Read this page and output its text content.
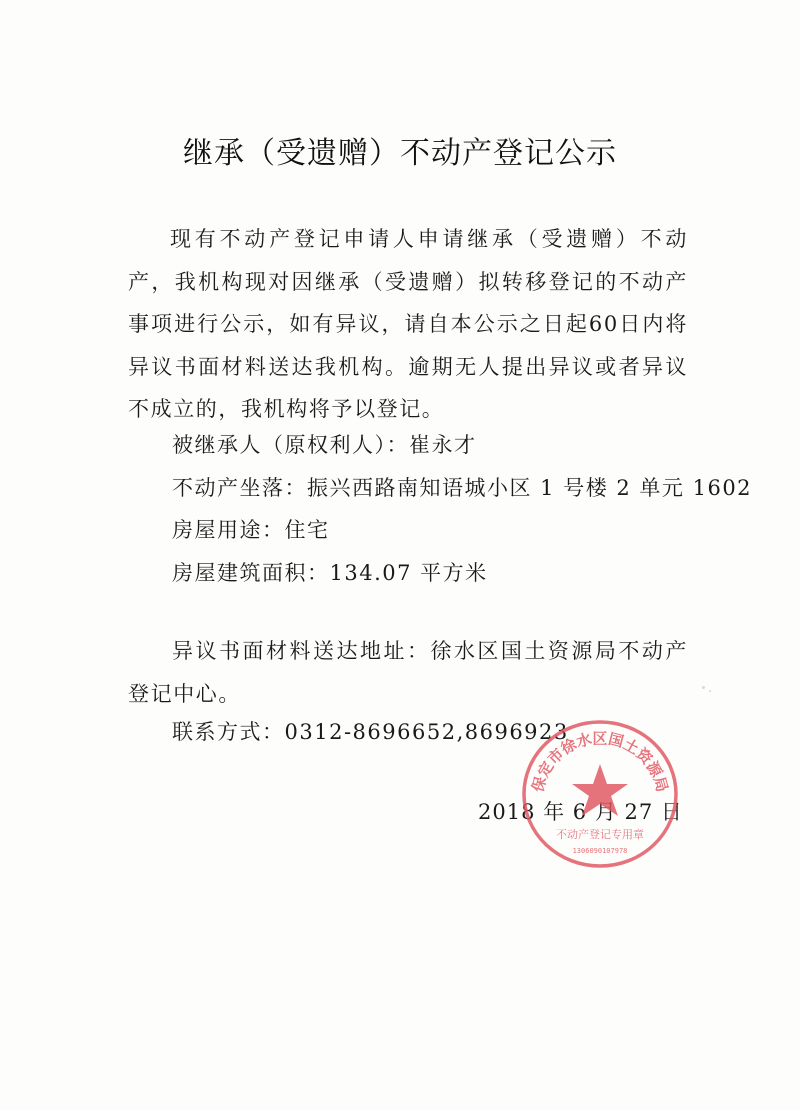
继承（受遗赠）不动产登记公示
现有不动产登记申请人申请继承（受遗赠）不动产，我机构现对因继承（受遗赠）拟转移登记的不动产事项进行公示，如有异议，请自本公示之日起60日内将异议书面材料送达我机构。逾期无人提出异议或者异议不成立的，我机构将予以登记。
被继承人（原权利人）：崔永才
不动产坐落：振兴西路南知语城小区 1 号楼 2 单元 1602
房屋用途：住宅
房屋建筑面积：134.07 平方米
异议书面材料送达地址：徐水区国土资源局不动产登记中心。
联系方式：0312-8696652,8696923
2018 年 6 月 27 日
保定市徐水区国土资源局
不动产登记专用章
1306090107978
